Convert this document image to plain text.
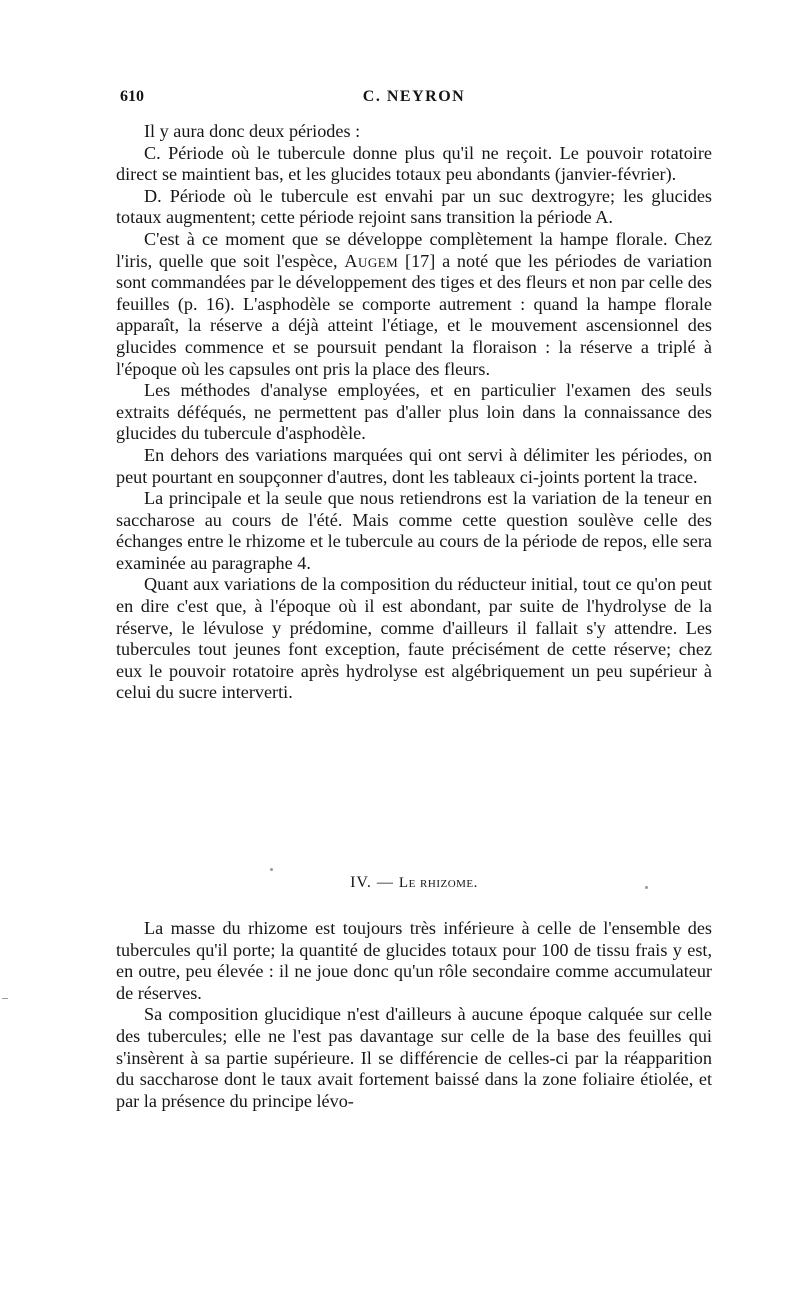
610	C. NEYRON

Il y aura donc deux périodes :

C. Période où le tubercule donne plus qu'il ne reçoit. Le pouvoir rotatoire direct se maintient bas, et les glucides totaux peu abondants (janvier-février).

D. Période où le tubercule est envahi par un suc dextrogyre; les glucides totaux augmentent; cette période rejoint sans transition la période A.

C'est à ce moment que se développe complètement la hampe florale. Chez l'iris, quelle que soit l'espèce, Augem [17] a noté que les périodes de variation sont commandées par le développement des tiges et des fleurs et non par celle des feuilles (p. 16). L'asphodèle se comporte autrement : quand la hampe florale apparaît, la réserve a déjà atteint l'étiage, et le mouvement ascensionnel des glucides commence et se poursuit pendant la floraison : la réserve a triplé à l'époque où les capsules ont pris la place des fleurs.

Les méthodes d'analyse employées, et en particulier l'examen des seuls extraits déféqués, ne permettent pas d'aller plus loin dans la connaissance des glucides du tubercule d'asphodèle.

En dehors des variations marquées qui ont servi à délimiter les périodes, on peut pourtant en soupçonner d'autres, dont les tableaux ci-joints portent la trace.

La principale et la seule que nous retiendrons est la variation de la teneur en saccharose au cours de l'été. Mais comme cette question soulève celle des échanges entre le rhizome et le tubercule au cours de la période de repos, elle sera examinée au paragraphe 4.

Quant aux variations de la composition du réducteur initial, tout ce qu'on peut en dire c'est que, à l'époque où il est abondant, par suite de l'hydrolyse de la réserve, le lévulose y prédomine, comme d'ailleurs il fallait s'y attendre. Les tubercules tout jeunes font exception, faute précisément de cette réserve; chez eux le pouvoir rotatoire après hydrolyse est algébriquement un peu supérieur à celui du sucre interverti.

IV. — Le rhizome.

La masse du rhizome est toujours très inférieure à celle de l'ensemble des tubercules qu'il porte; la quantité de glucides totaux pour 100 de tissu frais y est, en outre, peu élevée : il ne joue donc qu'un rôle secondaire comme accumulateur de réserves.

Sa composition glucidique n'est d'ailleurs à aucune époque calquée sur celle des tubercules; elle ne l'est pas davantage sur celle de la base des feuilles qui s'insèrent à sa partie supérieure. Il se différencie de celles-ci par la réapparition du saccharose dont le taux avait fortement baissé dans la zone foliaire étiolée, et par la présence du principe lévo-
